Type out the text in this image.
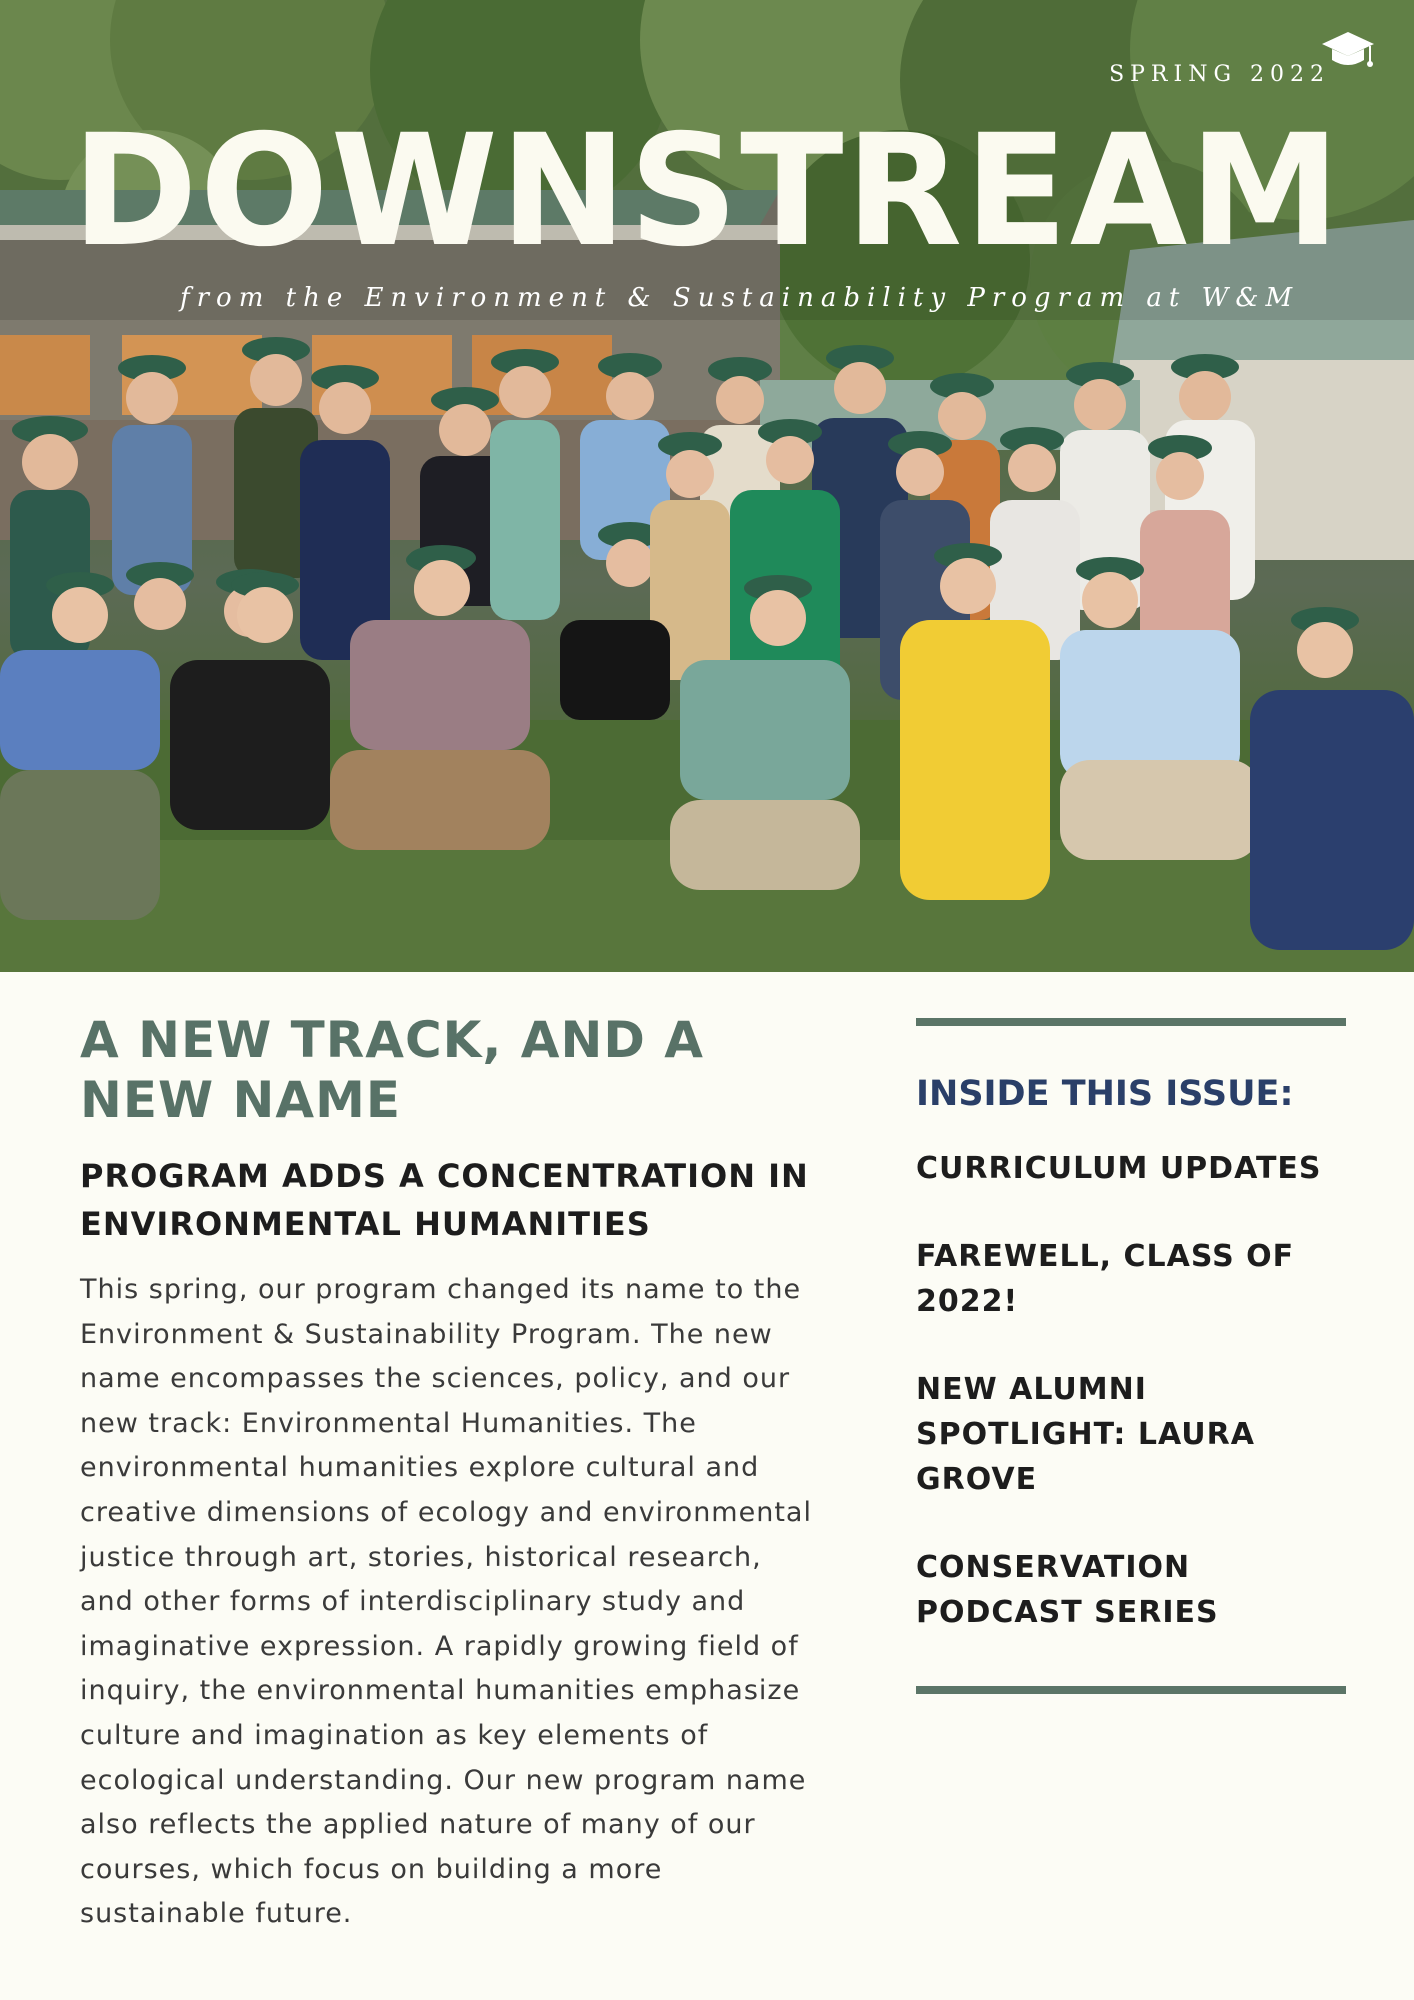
SPRING 2022
DOWNSTREAM
from the Environment & Sustainability Program at W&M
A NEW TRACK, AND A NEW NAME
PROGRAM ADDS A CONCENTRATION IN ENVIRONMENTAL HUMANITIES

This spring, our program changed its name to the Environment & Sustainability Program. The new name encompasses the sciences, policy, and our new track: Environmental Humanities. The environmental humanities explore cultural and creative dimensions of ecology and environmental justice through art, stories, historical research, and other forms of interdisciplinary study and imaginative expression. A rapidly growing field of inquiry, the environmental humanities emphasize culture and imagination as key elements of ecological understanding. Our new program name also reflects the applied nature of many of our courses, which focus on building a more sustainable future.

INSIDE THIS ISSUE:
CURRICULUM UPDATES
FAREWELL, CLASS OF 2022!
NEW ALUMNI SPOTLIGHT: LAURA GROVE
CONSERVATION PODCAST SERIES
